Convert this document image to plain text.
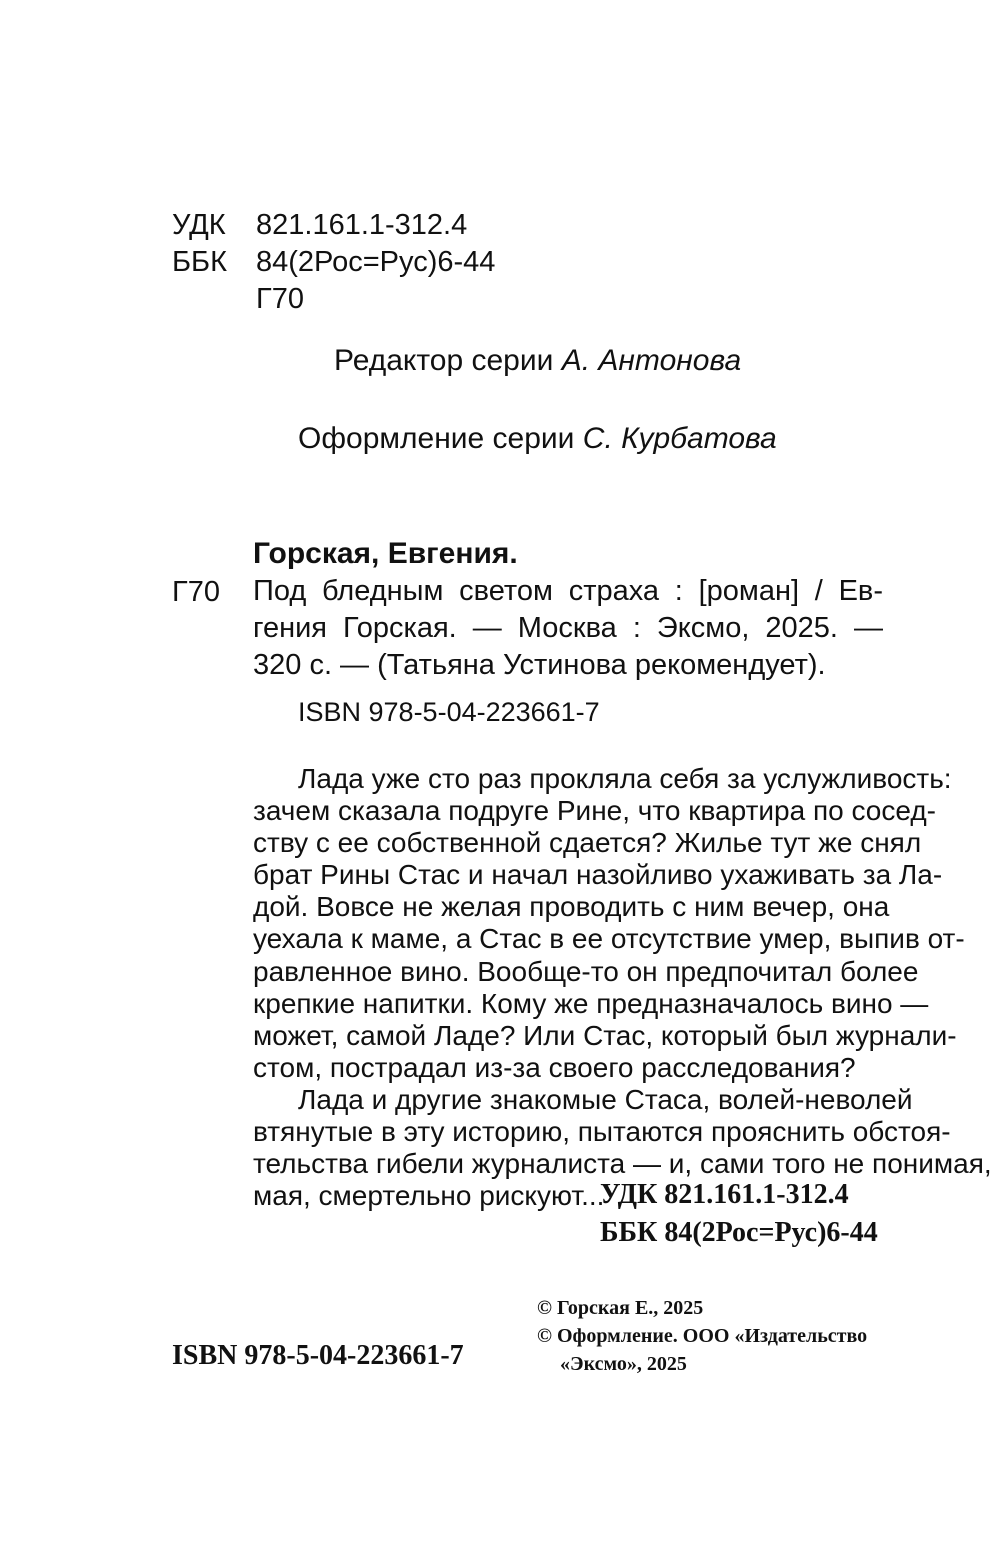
УДК 821.161.1-312.4
ББК 84(2Рос=Рус)6-44
Г70
Редактор серии А. Антонова
Оформление серии С. Курбатова
Горская, Евгения.
Г70 Под бледным светом страха : [роман] / Ев-
гения Горская. — Москва : Эксмо, 2025. —
320 с. — (Татьяна Устинова рекомендует).
ISBN 978-5-04-223661-7
Лада уже сто раз прокляла себя за услужливость:
зачем сказала подруге Рине, что квартира по сосед-
ству с ее собственной сдается? Жилье тут же снял
брат Рины Стас и начал назойливо ухаживать за Ла-
дой. Вовсе не желая проводить с ним вечер, она
уехала к маме, а Стас в ее отсутствие умер, выпив от-
равленное вино. Вообще-то он предпочитал более
крепкие напитки. Кому же предназначалось вино —
может, самой Ладе? Или Стас, который был журнали-
стом, пострадал из-за своего расследования?
Лада и другие знакомые Стаса, волей-неволей
втянутые в эту историю, пытаются прояснить обстоя-
тельства гибели журналиста — и, сами того не понимая,
мая, смертельно рискуют...
УДК 821.161.1-312.4
ББК 84(2Рос=Рус)6-44
© Горская Е., 2025
© Оформление. ООО «Издательство
«Эксмо», 2025
ISBN 978-5-04-223661-7
